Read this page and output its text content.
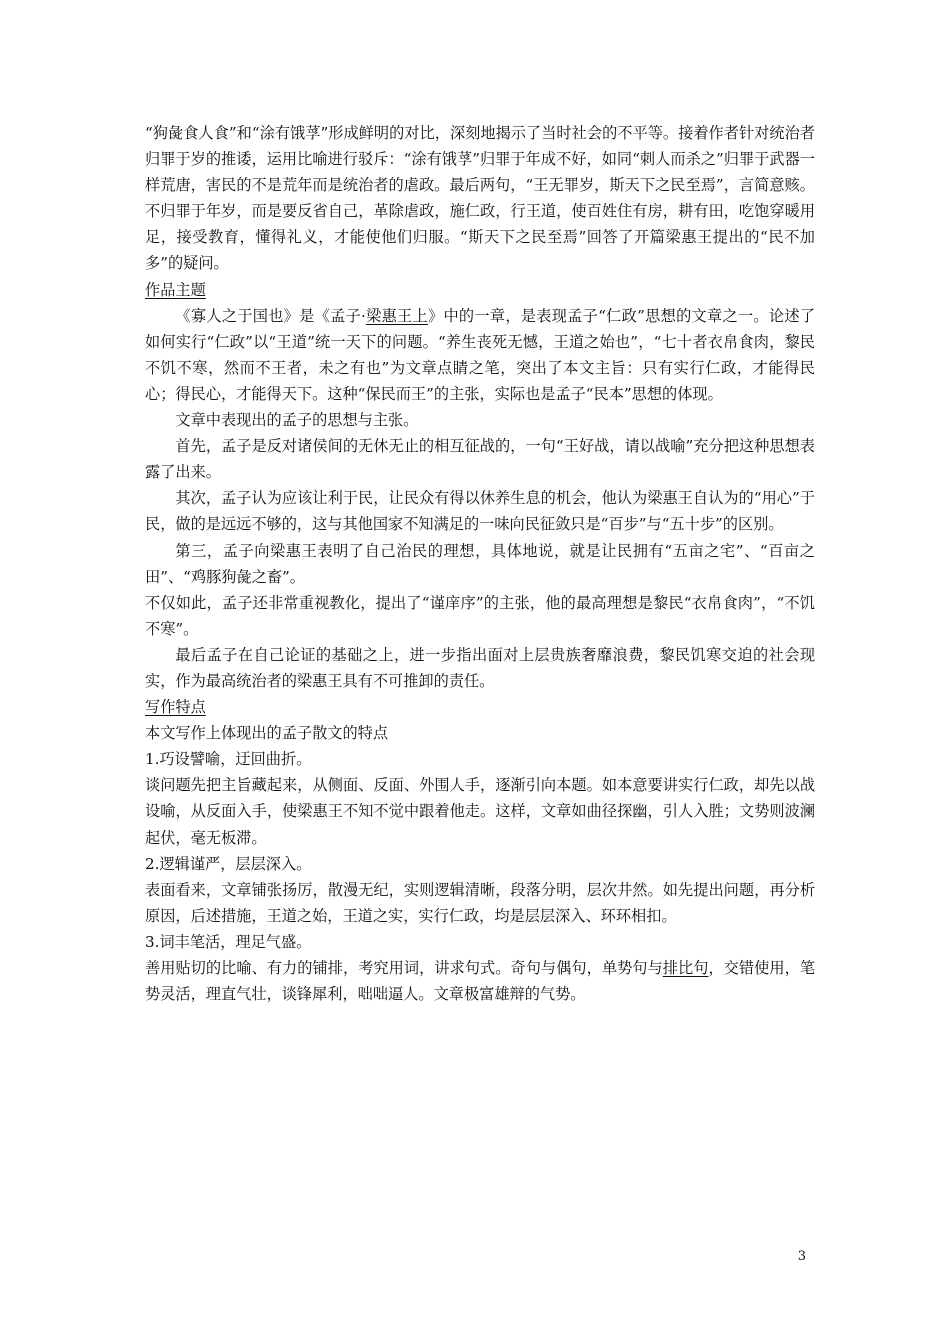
“狗彘食人食”和“涂有饿莩”形成鲜明的对比，深刻地揭示了当时社会的不平等。接着作者针对统治者归罪于岁的推诿，运用比喻进行驳斥：“涂有饿莩”归罪于年成不好，如同“刺人而杀之”归罪于武器一样荒唐，害民的不是荒年而是统治者的虐政。最后两句，“王无罪岁，斯天下之民至焉”，言简意赅。不归罪于年岁，而是要反省自己，革除虐政，施仁政，行王道，使百姓住有房，耕有田，吃饱穿暖用足，接受教育，懂得礼义，才能使他们归服。“斯天下之民至焉”回答了开篇梁惠王提出的“民不加多”的疑问。

作品主题

《寡人之于国也》是《孟子·梁惠王上》中的一章，是表现孟子“仁政”思想的文章之一。论述了如何实行“仁政”以“王道”统一天下的问题。“养生丧死无憾，王道之始也”，“七十者衣帛食肉，黎民不饥不寒，然而不王者，未之有也”为文章点睛之笔，突出了本文主旨：只有实行仁政，才能得民心；得民心，才能得天下。这种“保民而王”的主张，实际也是孟子“民本”思想的体现。

文章中表现出的孟子的思想与主张。

首先，孟子是反对诸侯间的无休无止的相互征战的，一句“王好战，请以战喻”充分把这种思想表露了出来。

其次，孟子认为应该让利于民，让民众有得以休养生息的机会，他认为梁惠王自认为的“用心”于民，做的是远远不够的，这与其他国家不知满足的一味向民征敛只是“百步”与“五十步”的区别。

第三，孟子向梁惠王表明了自己治民的理想，具体地说，就是让民拥有“五亩之宅”、“百亩之田”、“鸡豚狗彘之畜”。

不仅如此，孟子还非常重视教化，提出了“谨庠序”的主张，他的最高理想是黎民“衣帛食肉”，“不饥不寒”。

最后孟子在自己论证的基础之上，进一步指出面对上层贵族奢靡浪费，黎民饥寒交迫的社会现实，作为最高统治者的梁惠王具有不可推卸的责任。

写作特点

本文写作上体现出的孟子散文的特点

1.巧设譬喻，迂回曲折。

谈问题先把主旨藏起来，从侧面、反面、外围人手，逐渐引向本题。如本意要讲实行仁政，却先以战设喻，从反面入手，使梁惠王不知不觉中跟着他走。这样，文章如曲径探幽，引人入胜；文势则波澜起伏，毫无板滞。

2.逻辑谨严，层层深入。

表面看来，文章铺张扬厉，散漫无纪，实则逻辑清晰，段落分明，层次井然。如先提出问题，再分析原因，后述措施，王道之始，王道之实，实行仁政，均是层层深入、环环相扣。

3.词丰笔活，理足气盛。

善用贴切的比喻、有力的铺排，考究用词，讲求句式。奇句与偶句，单势句与排比句，交错使用，笔势灵活，理直气壮，谈锋犀利，咄咄逼人。文章极富雄辩的气势。

3
